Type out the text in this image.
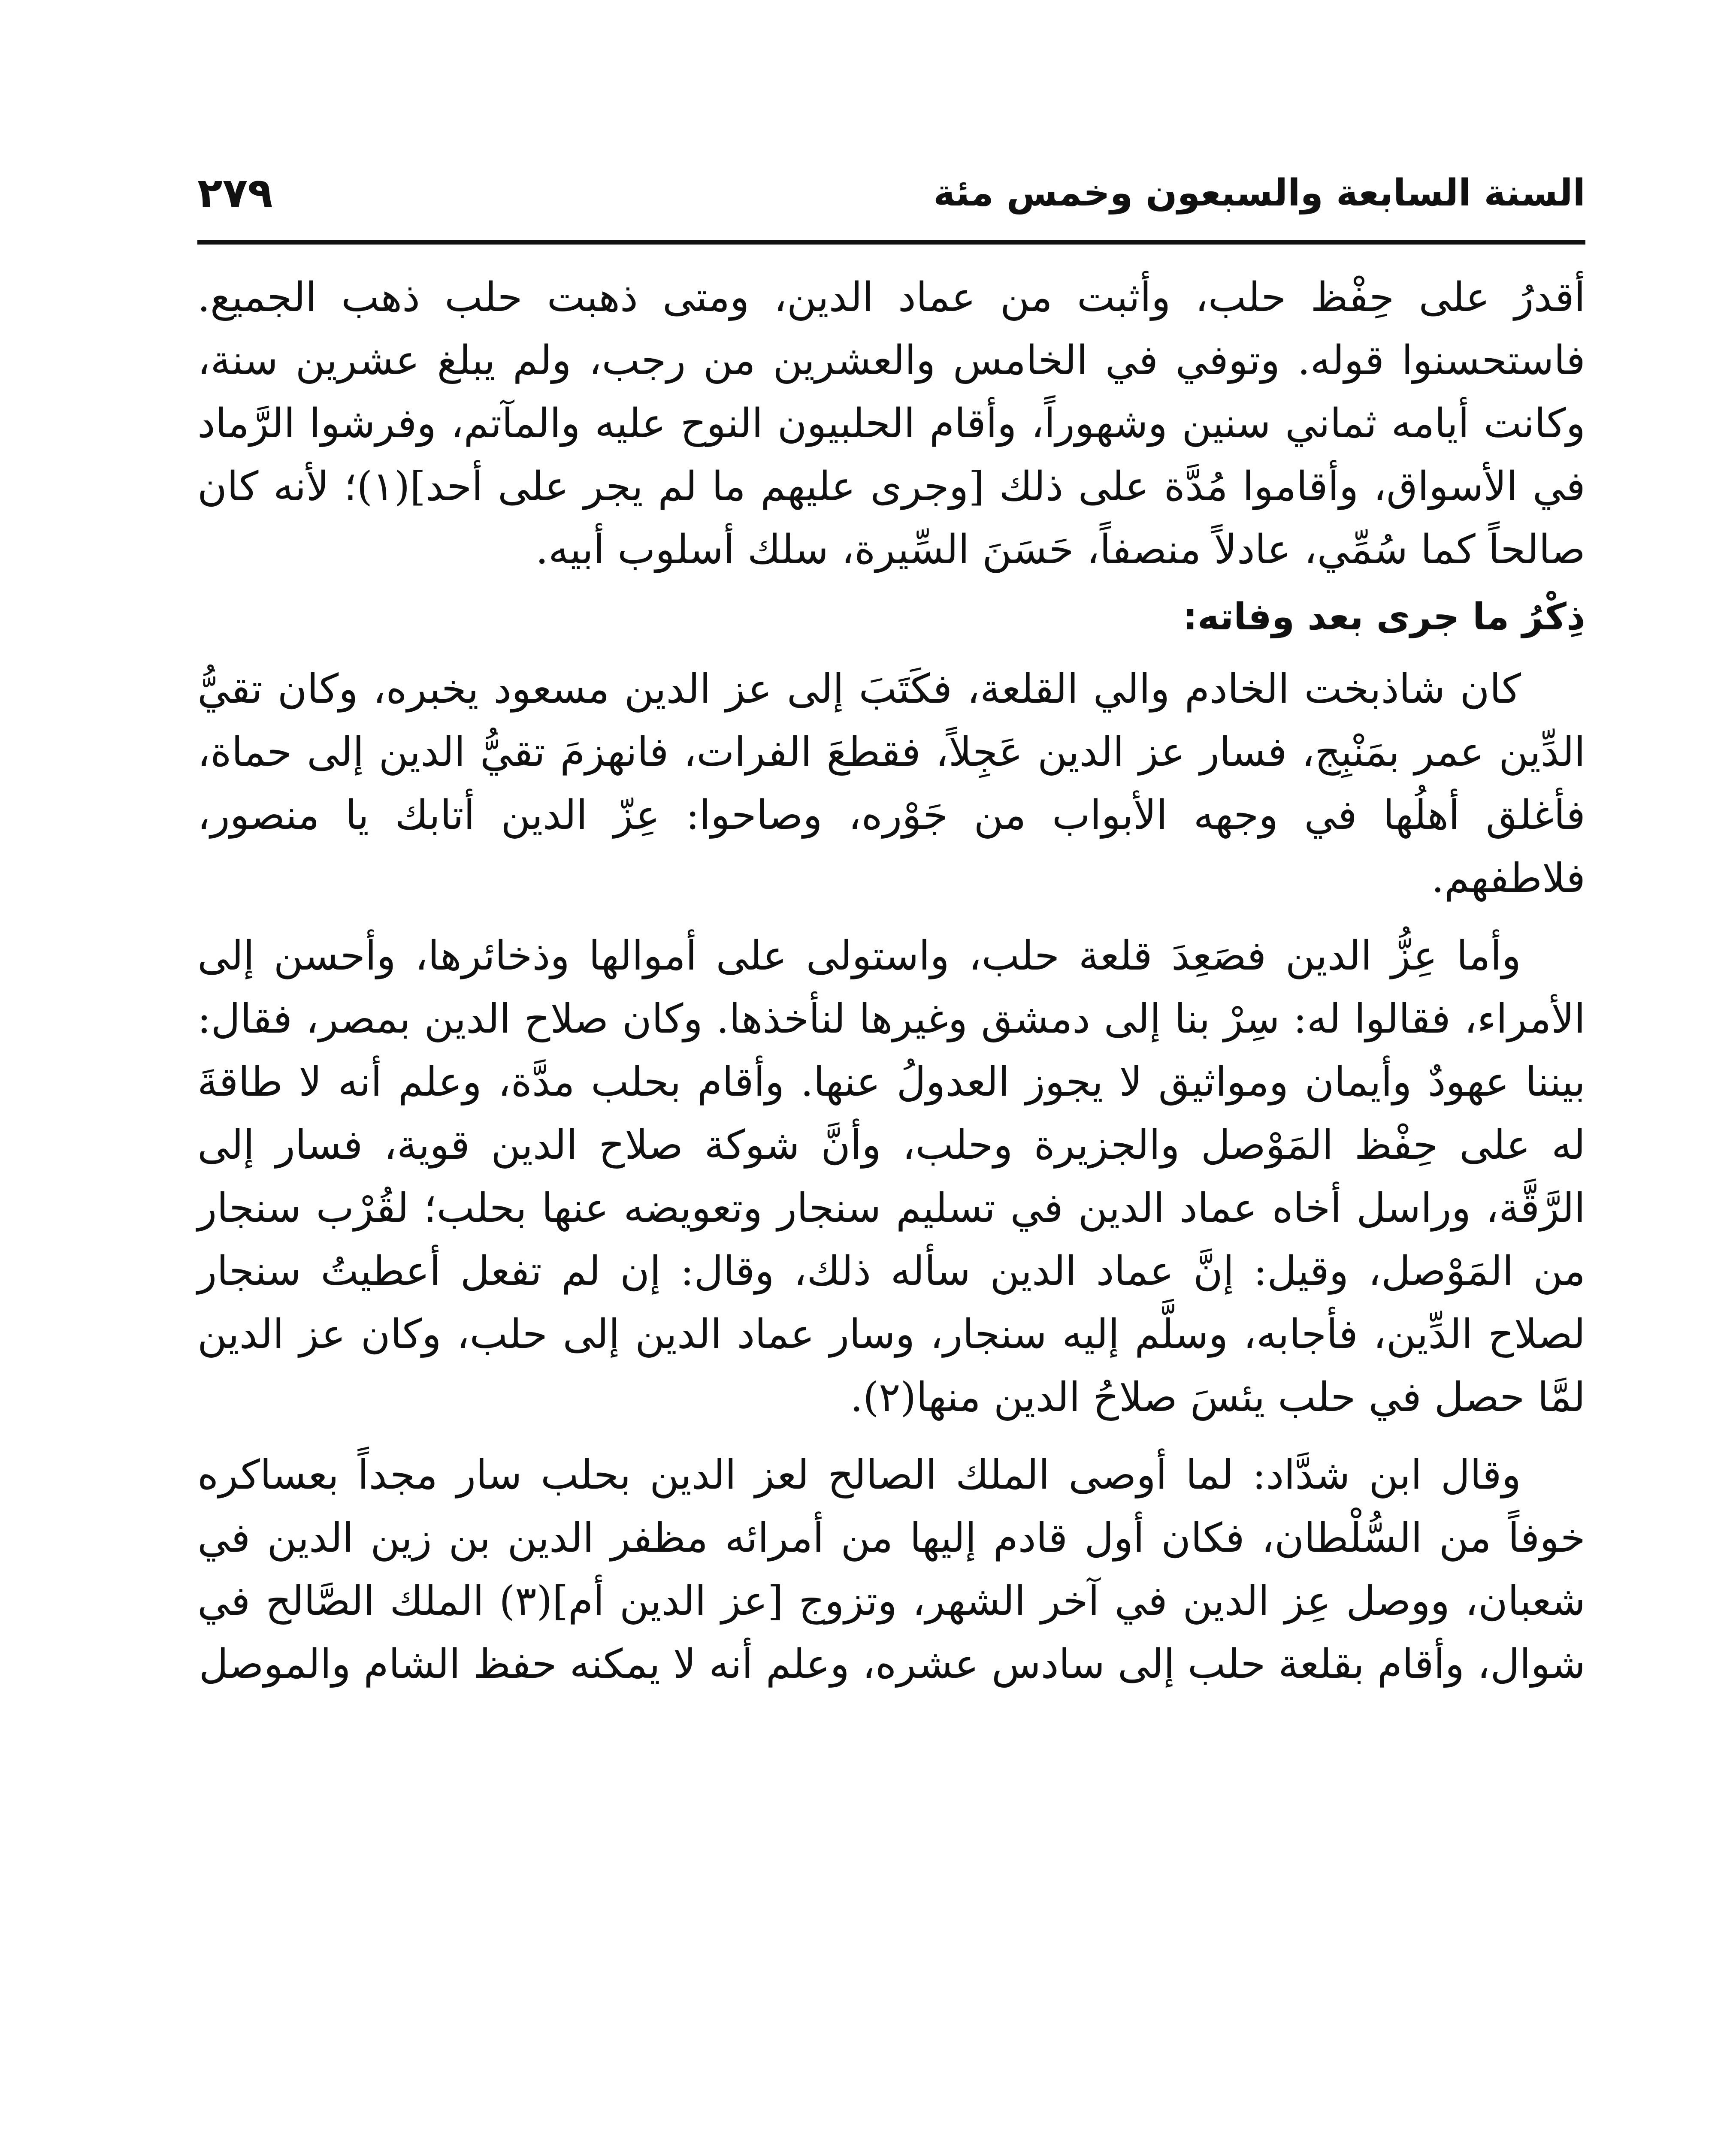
السنة السابعة والسبعون وخمس مئة
٢٧٩

أقدرُ على حِفْظ حلب، وأثبت من عماد الدين، ومتى ذهبت حلب ذهب الجميع. فاستحسنوا قوله. وتوفي في الخامس والعشرين من رجب، ولم يبلغ عشرين سنة، وكانت أيامه ثماني سنين وشهوراً، وأقام الحلبيون النوح عليه والمآتم، وفرشوا الرَّماد في الأسواق، وأقاموا مُدَّة على ذلك [وجرى عليهم ما لم يجر على أحد](١)؛ لأنه كان صالحاً كما سُمِّي، عادلاً منصفاً، حَسَنَ السِّيرة، سلك أسلوب أبيه.

ذِكْرُ ما جرى بعد وفاته:

كان شاذبخت الخادم والي القلعة، فكَتَبَ إلى عز الدين مسعود يخبره، وكان تقيُّ الدِّين عمر بمَنْبِج، فسار عز الدين عَجِلاً، فقطعَ الفرات، فانهزمَ تقيُّ الدين إلى حماة، فأغلق أهلُها في وجهه الأبواب من جَوْره، وصاحوا: عِزّ الدين أتابك يا منصور، فلاطفهم.

وأما عِزُّ الدين فصَعِدَ قلعة حلب، واستولى على أموالها وذخائرها، وأحسن إلى الأمراء، فقالوا له: سِرْ بنا إلى دمشق وغيرها لنأخذها. وكان صلاح الدين بمصر، فقال: بيننا عهودٌ وأيمان ومواثيق لا يجوز العدولُ عنها. وأقام بحلب مدَّة، وعلم أنه لا طاقةَ له على حِفْظ المَوْصل والجزيرة وحلب، وأنَّ شوكة صلاح الدين قوية، فسار إلى الرَّقَّة، وراسل أخاه عماد الدين في تسليم سنجار وتعويضه عنها بحلب؛ لقُرْب سنجار من المَوْصل، وقيل: إنَّ عماد الدين سأله ذلك، وقال: إن لم تفعل أعطيتُ سنجار لصلاح الدِّين، فأجابه، وسلَّم إليه سنجار، وسار عماد الدين إلى حلب، وكان عز الدين لمَّا حصل في حلب يئسَ صلاحُ الدين منها(٢).

وقال ابن شدَّاد: لما أوصى الملك الصالح لعز الدين بحلب سار مجداً بعساكره خوفاً من السُّلْطان، فكان أول قادم إليها من أمرائه مظفر الدين بن زين الدين في شعبان، ووصل عِز الدين في آخر الشهر، وتزوج [عز الدين أم](٣) الملك الصَّالح في شوال، وأقام بقلعة حلب إلى سادس عشره، وعلم أنه لا يمكنه حفظ الشام والموصل
